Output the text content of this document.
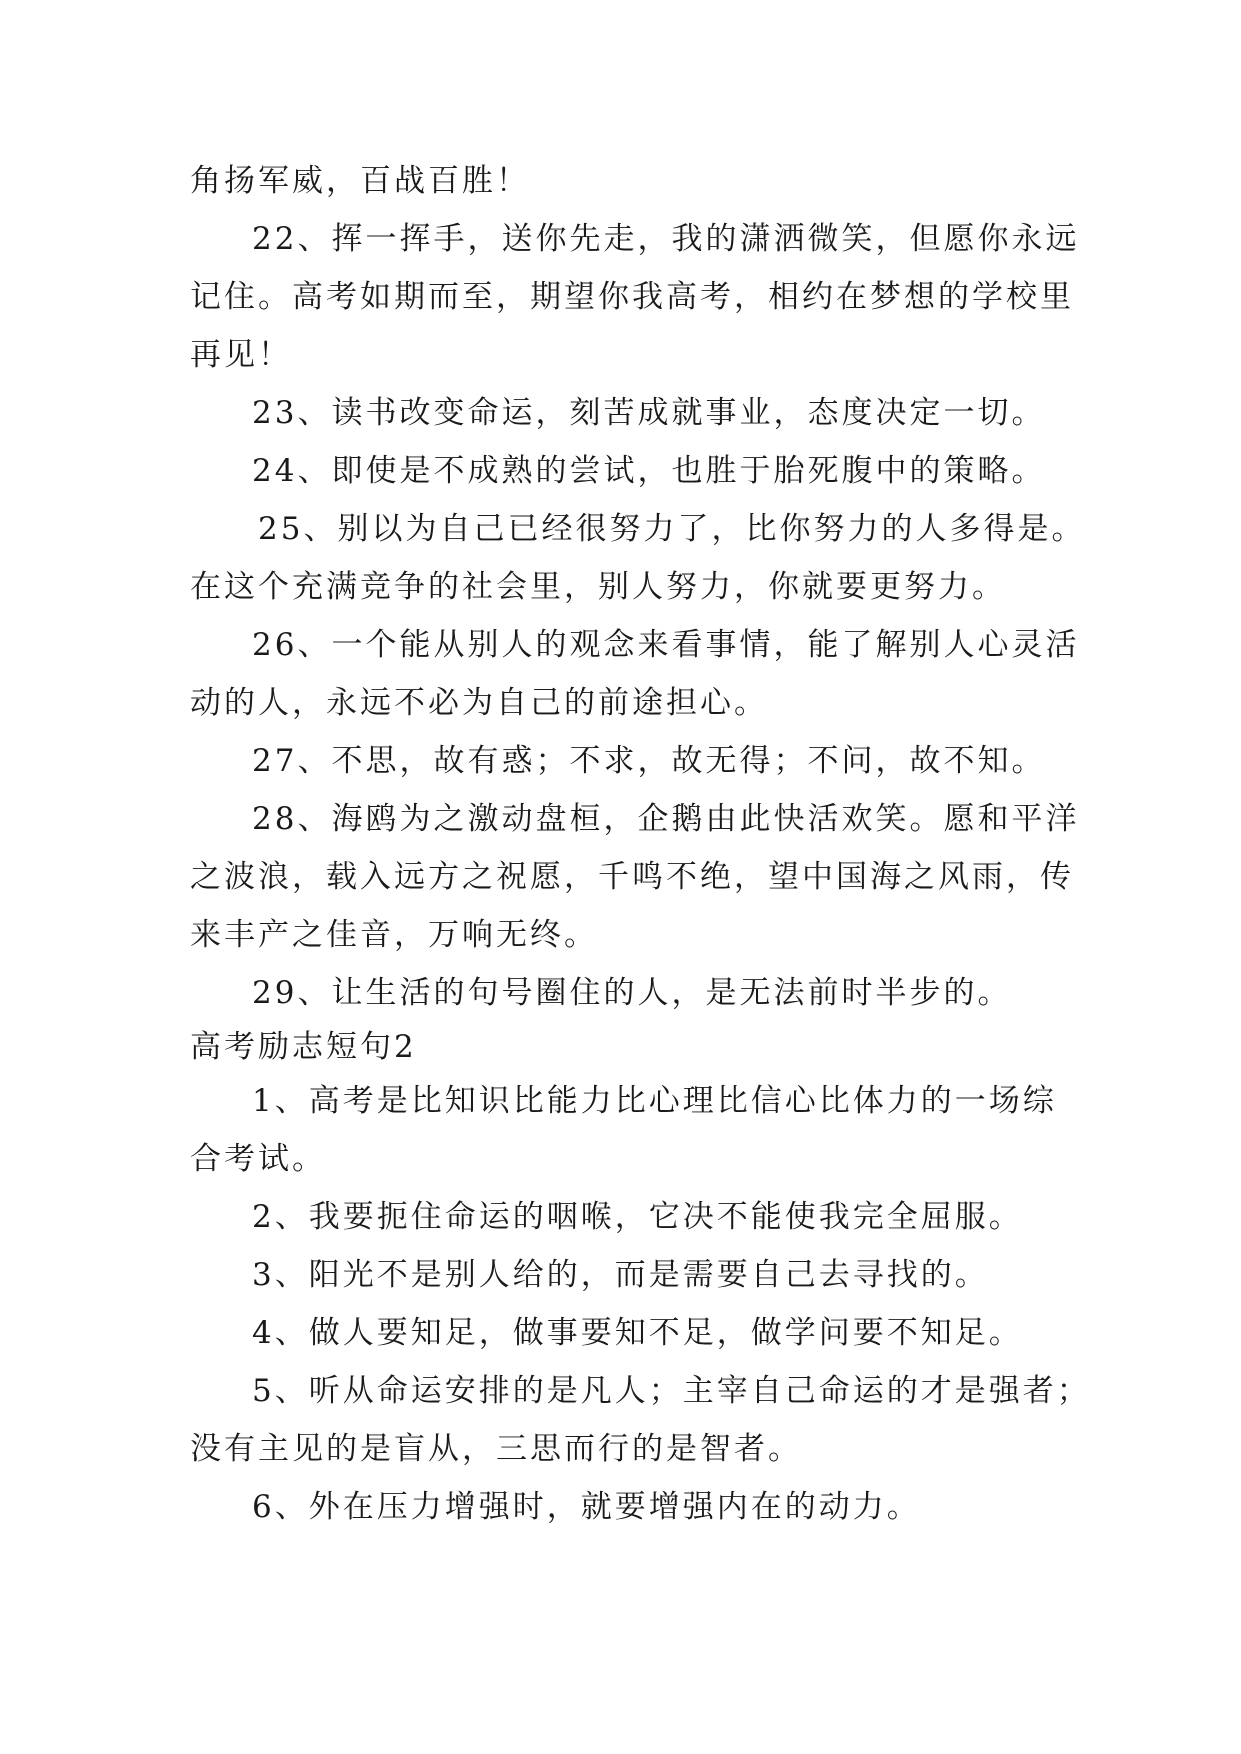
角扬军威，百战百胜！
22、挥一挥手，送你先走，我的潇洒微笑，但愿你永远
记住。高考如期而至，期望你我高考，相约在梦想的学校里
再见！
23、读书改变命运，刻苦成就事业，态度决定一切。
24、即使是不成熟的尝试，也胜于胎死腹中的策略。
25、别以为自己已经很努力了，比你努力的人多得是。
在这个充满竞争的社会里，别人努力，你就要更努力。
26、一个能从别人的观念来看事情，能了解别人心灵活
动的人，永远不必为自己的前途担心。
27、不思，故有惑；不求，故无得；不问，故不知。
28、海鸥为之激动盘桓，企鹅由此快活欢笑。愿和平洋
之波浪，载入远方之祝愿，千鸣不绝，望中国海之风雨，传
来丰产之佳音，万响无终。
29、让生活的句号圈住的人，是无法前时半步的。
高考励志短句2
1、高考是比知识比能力比心理比信心比体力的一场综
合考试。
2、我要扼住命运的咽喉，它决不能使我完全屈服。
3、阳光不是别人给的，而是需要自己去寻找的。
4、做人要知足，做事要知不足，做学问要不知足。
5、听从命运安排的是凡人；主宰自己命运的才是强者；
没有主见的是盲从，三思而行的是智者。
6、外在压力增强时，就要增强内在的动力。
